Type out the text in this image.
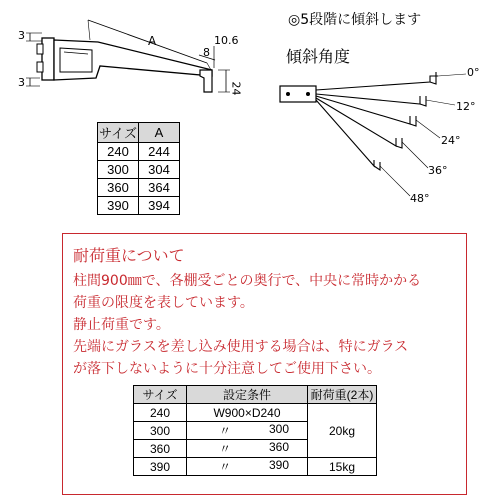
A	10.6
8
24
3
3
◎5段階に傾斜します
傾斜角度
0°
12°
24°
36°
48°
サイズ	A
240	244
300	304
360	364
390	394
耐荷重について
柱間900㎜で、各棚受ごとの奥行で、中央に常時かかる
荷重の限度を表しています。
静止荷重です。
先端にガラスを差し込み使用する場合は、特にガラス
が落下しないように十分注意してご使用下さい。
サイズ	設定条件	耐荷重(2本)
240	W900×D240	20kg
300	〃 300	

360	〃 360	

390	〃 390	15kg
